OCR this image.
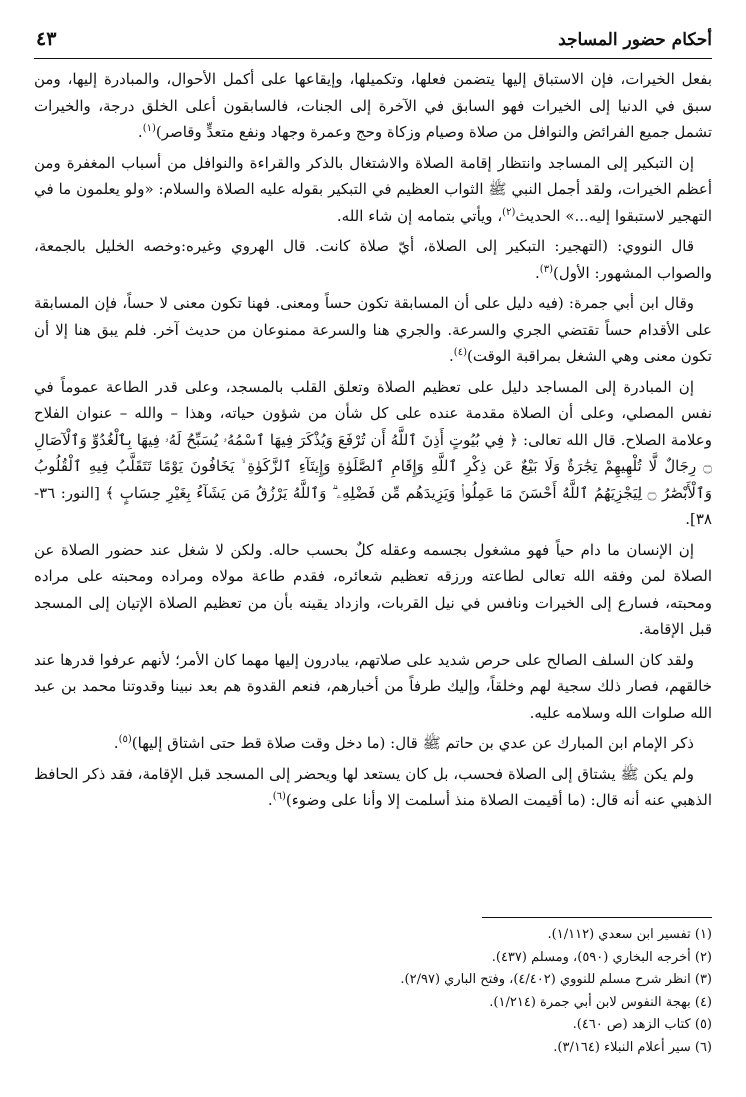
أحكام حضور المساجد
٤٣

بفعل الخيرات، فإن الاستباق إليها يتضمن فعلها، وتكميلها، وإيقاعها على أكمل الأحوال، والمبادرة إليها، ومن سبق في الدنيا إلى الخيرات فهو السابق في الآخرة إلى الجنات، فالسابقون أعلى الخلق درجة، والخيرات تشمل جميع الفرائض والنوافل من صلاة وصيام وزكاة وحج وعمرة وجهاد ونفع متعدٍّ وقاصر)$^{(١)}$.

إن التبكير إلى المساجد وانتظار إقامة الصلاة والاشتغال بالذكر والقراءة والنوافل من أسباب المغفرة ومن أعظم الخيرات، ولقد أجمل النبي ﷺ الثواب العظيم في التبكير بقوله عليه الصلاة والسلام: «ولو يعلمون ما في التهجير لاستبقوا إليه...» الحديث$^{(٢)}$، ويأتي بتمامه إن شاء الله.

قال النووي: (التهجير: التبكير إلى الصلاة، أيّ صلاة كانت. قال الهروي وغيره:وخصه الخليل بالجمعة، والصواب المشهور: الأول)$^{(٣)}$.

وقال ابن أبي جمرة: (فيه دليل على أن المسابقة تكون حساً ومعنى. فهنا تكون معنى لا حساً، فإن المسابقة على الأقدام حساً تقتضي الجري والسرعة. والجري هنا والسرعة ممنوعان من حديث آخر. فلم يبق هنا إلا أن تكون معنى وهي الشغل بمراقبة الوقت)$^{(٤)}$.

إن المبادرة إلى المساجد دليل على تعظيم الصلاة وتعلق القلب بالمسجد، وعلى قدر الطاعة عموماً في نفس المصلي، وعلى أن الصلاة مقدمة عنده على كل شأن من شؤون حياته، وهذا – والله – عنوان الفلاح وعلامة الصلاح. قال الله تعالى: ﴿ فِي بُيُوتٍ أَذِنَ ٱللَّهُ أَن تُرْفَعَ وَيُذْكَرَ فِيهَا ٱسْمُهُۥ يُسَبِّحُ لَهُۥ فِيهَا بِٱلْغُدُوِّ وَٱلْآصَالِ ۝ رِجَالٌ لَّا تُلْهِيهِمْ تِجَٰرَةٌ وَلَا بَيْعٌ عَن ذِكْرِ ٱللَّهِ وَإِقَامِ ٱلصَّلَوٰةِ وَإِيتَآءِ ٱلزَّكَوٰةِ ۙ يَخَافُونَ يَوْمًا تَتَقَلَّبُ فِيهِ ٱلْقُلُوبُ وَٱلْأَبْصَٰرُ ۝ لِيَجْزِيَهُمُ ٱللَّهُ أَحْسَنَ مَا عَمِلُوا۟ وَيَزِيدَهُم مِّن فَضْلِهِۦ ۗ وَٱللَّهُ يَرْزُقُ مَن يَشَآءُ بِغَيْرِ حِسَابٍ ﴾ [النور: ٣٦- ٣٨].

إن الإنسان ما دام حياً فهو مشغول بجسمه وعقله كلٌ بحسب حاله. ولكن لا شغل عند حضور الصلاة عن الصلاة لمن وفقه الله تعالى لطاعته ورزقه تعظيم شعائره، فقدم طاعة مولاه ومراده ومحبته على مراده ومحبته، فسارع إلى الخيرات ونافس في نيل القربات، وازداد يقينه بأن من تعظيم الصلاة الإتيان إلى المسجد قبل الإقامة.

ولقد كان السلف الصالح على حرص شديد على صلاتهم، يبادرون إليها مهما كان الأمر؛ لأنهم عرفوا قدرها عند خالقهم، فصار ذلك سجية لهم وخلقاً، وإليك طرفاً من أخبارهم، فنعم القدوة هم بعد نبينا وقدوتنا محمد بن عبد الله صلوات الله وسلامه عليه.

ذكر الإمام ابن المبارك عن عدي بن حاتم ﷺ قال: (ما دخل وقت صلاة قط حتى اشتاق إليها)$^{(٥)}$.

ولم يكن ﷺ يشتاق إلى الصلاة فحسب، بل كان يستعد لها ويحضر إلى المسجد قبل الإقامة، فقد ذكر الحافظ الذهبي عنه أنه قال: (ما أقيمت الصلاة منذ أسلمت إلا وأنا على وضوء)$^{(٦)}$.

(١) تفسير ابن سعدي (١/١١٢).

(٢) أخرجه البخاري (٥٩٠)، ومسلم (٤٣٧).

(٣) انظر شرح مسلم للنووي (٤/٤٠٢)، وفتح الباري (٢/٩٧).

(٤) بهجة النفوس لابن أبي جمرة (١/٢١٤).

(٥) كتاب الزهد (ص ٤٦٠).

(٦) سير أعلام النبلاء (٣/١٦٤).
